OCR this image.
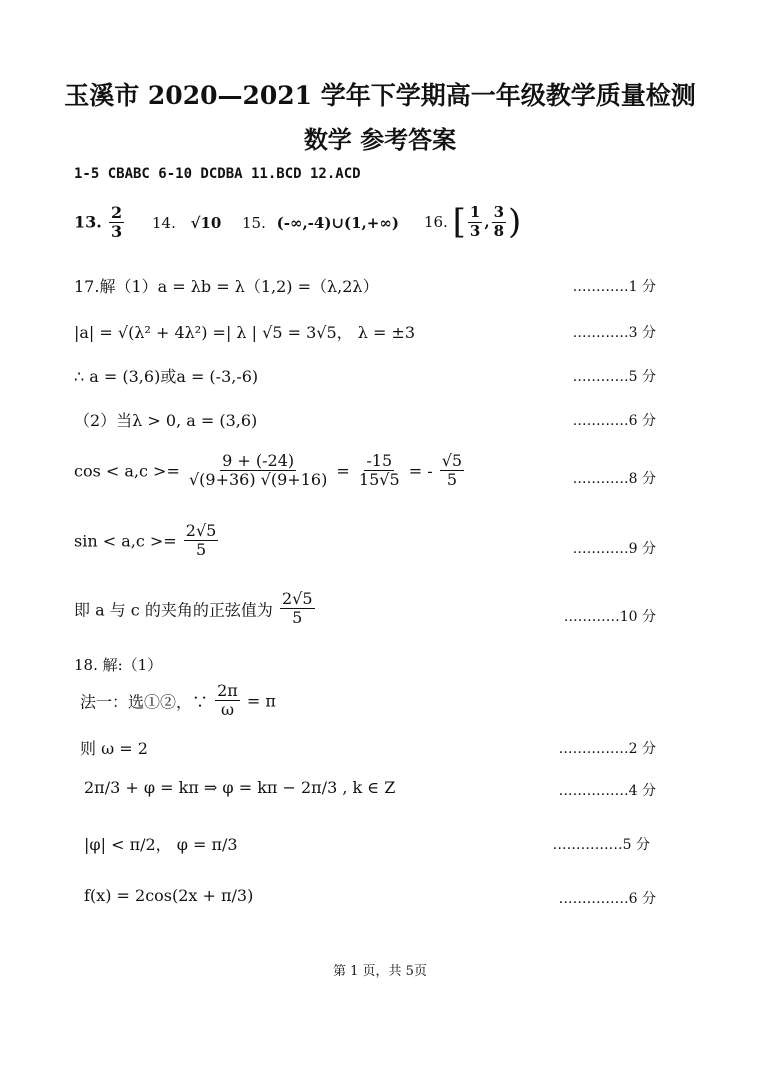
玉溪市 2020—2021 学年下学期高一年级教学质量检测
数学 参考答案
1-5 CBABC 6-10 DCDBA 11.BCD 12.ACD
13. $\frac{2}{3} 14$. √10 15. (-∞,-4)∪(1,+∞) 16. [ $\frac{1}{3}$ , $\frac{3}{8}$ )
17.解（1）a = λb = λ（1,2) =（λ,2λ）	…………1 分
|a| = √(λ² + 4λ²) =| λ | √5 = 3√5， λ = ±3	…………3 分
∴ a = (3,6)或a = (-3,-6)	…………5 分
（2）当λ > 0, a = (3,6)	…………6 分
$\cos < a,c >= \frac{9 + (-24)}{√(9+36) √(9+16)} = \frac{-15}{15√5}$ = - $\frac{√5}{5}$	…………8 分
$\sin < a,c >= \frac{2√5}{5}$	…………9 分
即 a 与 c 的夹角的正弦值为 $\frac{2√5}{5}$	…………10 分
18. 解:（1）
法一：选①②，∵ $\frac{2\pi}{\omega} = \pi$
则 ω = 2	……………2 分
2π/3 + φ = kπ ⇒ φ = kπ − 2π/3 , k ∈ Z	……………4 分
|φ| < π/2， φ = π/3	……………5 分
f(x) = 2cos(2x + π/3)	……………6 分
第 1 页，共 5页
